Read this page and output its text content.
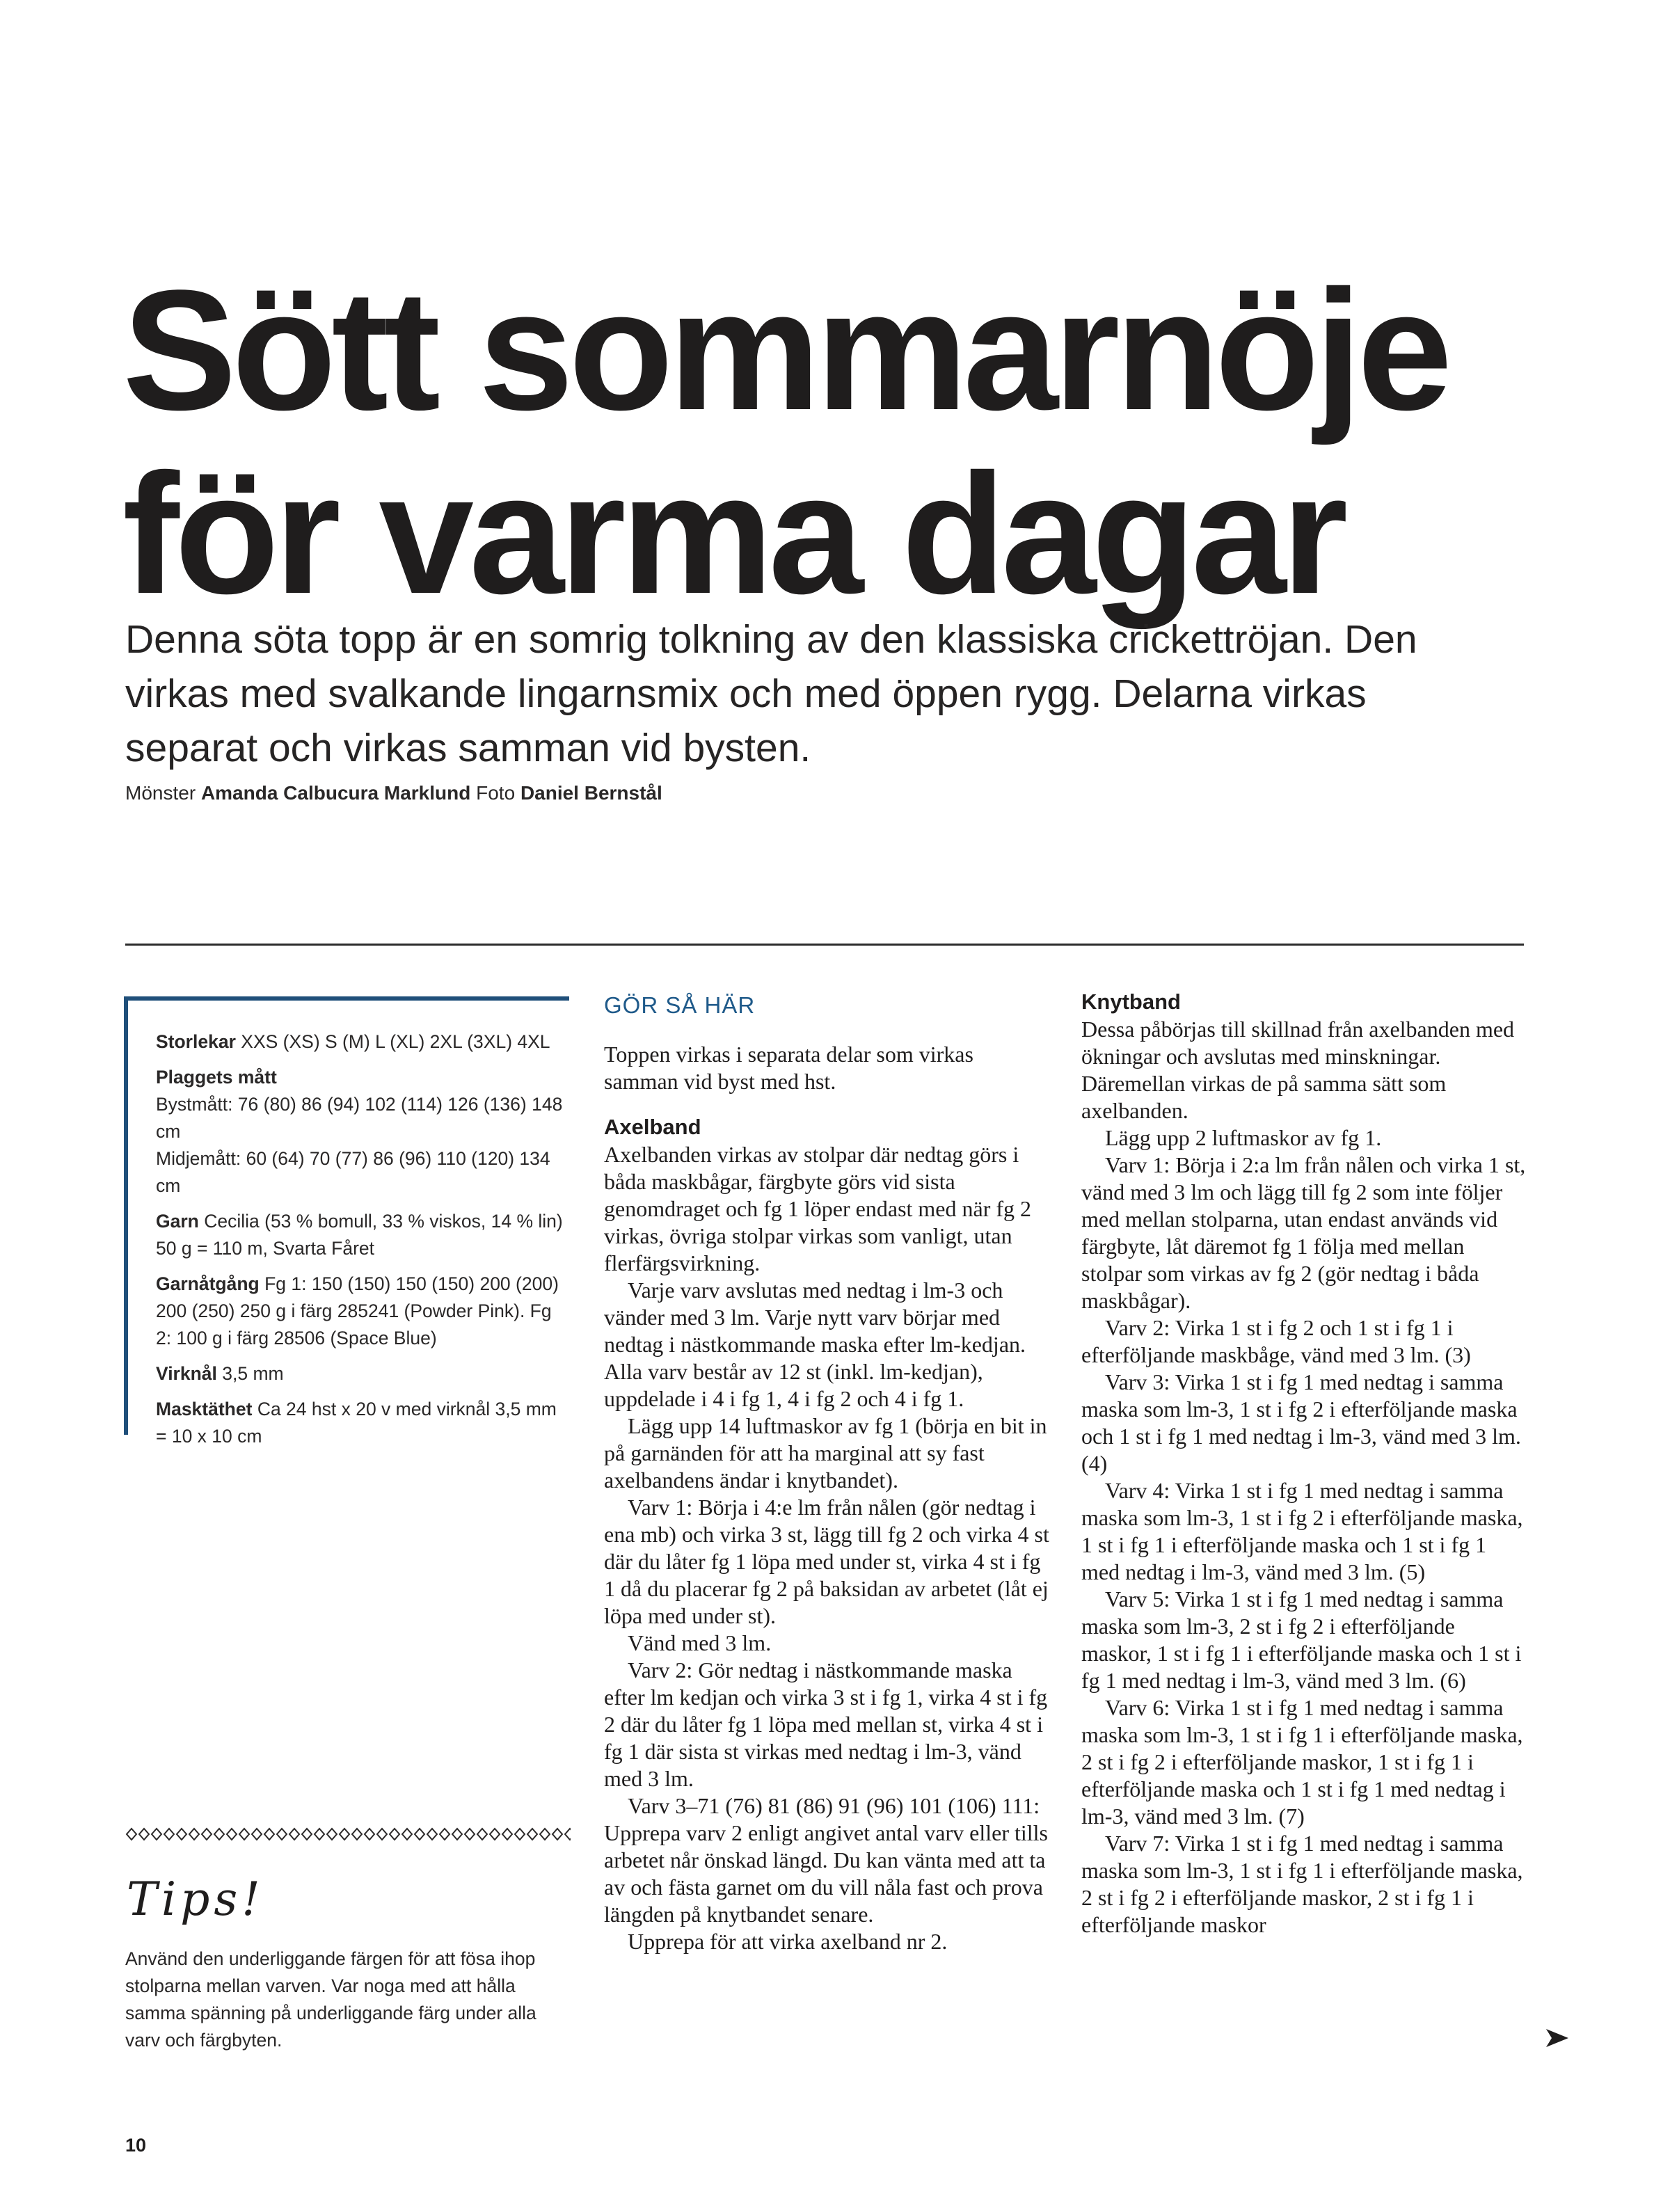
Sött sommarnöje
för varma dagar

Denna söta topp är en somrig tolkning av den klassiska crickettröjan. Den virkas med svalkande lingarnsmix och med öppen rygg. Delarna virkas separat och virkas samman vid bysten.

Mönster Amanda Calbucura Marklund Foto Daniel Bernstål

Storlekar XXS (XS) S (M) L (XL) 2XL (3XL) 4XL

Plaggets mått
Bystmått: 76 (80) 86 (94) 102 (114) 126 (136) 148 cm
Midjemått: 60 (64) 70 (77) 86 (96) 110 (120) 134 cm

Garn Cecilia (53 % bomull, 33 % viskos, 14 % lin) 50 g = 110 m, Svarta Fåret

Garnåtgång Fg 1: 150 (150) 150 (150) 200 (200) 200 (250) 250 g i färg 285241 (Powder Pink). Fg 2: 100 g i färg 28506 (Space Blue)

Virknål 3,5 mm

Masktäthet Ca 24 hst x 20 v med virknål 3,5 mm = 10 x 10 cm

GÖR SÅ HÄR

Toppen virkas i separata delar som virkas samman vid byst med hst.

Axelband

Axelbanden virkas av stolpar där nedtag görs i båda maskbågar, färgbyte görs vid sista genomdraget och fg 1 löper endast med när fg 2 virkas, övriga stolpar virkas som vanligt, utan flerfärgsvirkning.

Varje varv avslutas med nedtag i lm-3 och vänder med 3 lm. Varje nytt varv börjar med nedtag i nästkommande maska efter lm-kedjan. Alla varv består av 12 st (inkl. lm-kedjan), uppdelade i 4 i fg 1, 4 i fg 2 och 4 i fg 1.

Lägg upp 14 luftmaskor av fg 1 (börja en bit in på garnänden för att ha marginal att sy fast axelbandens ändar i knytbandet).

Varv 1: Börja i 4:e lm från nålen (gör nedtag i ena mb) och virka 3 st, lägg till fg 2 och virka 4 st där du låter fg 1 löpa med under st, virka 4 st i fg 1 då du placerar fg 2 på baksidan av arbetet (låt ej löpa med under st).

Vänd med 3 lm.

Varv 2: Gör nedtag i nästkommande maska efter lm kedjan och virka 3 st i fg 1, virka 4 st i fg 2 där du låter fg 1 löpa med mellan st, virka 4 st i fg 1 där sista st virkas med nedtag i lm-3, vänd med 3 lm.

Varv 3–71 (76) 81 (86) 91 (96) 101 (106) 111: Upprepa varv 2 enligt angivet antal varv eller tills arbetet når önskad längd. Du kan vänta med att ta av och fästa garnet om du vill nåla fast och prova längden på knytbandet senare.

Upprepa för att virka axelband nr 2.

Knytband

Dessa påbörjas till skillnad från axelbanden med ökningar och avslutas med minskningar. Däremellan virkas de på samma sätt som axelbanden.

Lägg upp 2 luftmaskor av fg 1.

Varv 1: Börja i 2:a lm från nålen och virka 1 st, vänd med 3 lm och lägg till fg 2 som inte följer med mellan stolparna, utan endast används vid färgbyte, låt däremot fg 1 följa med mellan stolpar som virkas av fg 2 (gör nedtag i båda maskbågar).

Varv 2: Virka 1 st i fg 2 och 1 st i fg 1 i efterföljande maskbåge, vänd med 3 lm. (3)

Varv 3: Virka 1 st i fg 1 med nedtag i samma maska som lm-3, 1 st i fg 2 i efterföljande maska och 1 st i fg 1 med nedtag i lm-3, vänd med 3 lm. (4)

Varv 4: Virka 1 st i fg 1 med nedtag i samma maska som lm-3, 1 st i fg 2 i efterföljande maska, 1 st i fg 1 i efterföljande maska och 1 st i fg 1 med nedtag i lm-3, vänd med 3 lm. (5)

Varv 5: Virka 1 st i fg 1 med nedtag i samma maska som lm-3, 2 st i fg 2 i efterföljande maskor, 1 st i fg 1 i efterföljande maska och 1 st i fg 1 med nedtag i lm-3, vänd med 3 lm. (6)

Varv 6: Virka 1 st i fg 1 med nedtag i samma maska som lm-3, 1 st i fg 1 i efterföljande maska, 2 st i fg 2 i efterföljande maskor, 1 st i fg 1 i efterföljande maska och 1 st i fg 1 med nedtag i lm-3, vänd med 3 lm. (7)

Varv 7: Virka 1 st i fg 1 med nedtag i samma maska som lm-3, 1 st i fg 1 i efterföljande maska, 2 st i fg 2 i efterföljande maskor, 2 st i fg 1 i efterföljande maskor

Tips!

Använd den underliggande färgen för att fösa ihop stolparna mellan varven. Var noga med att hålla samma spänning på underliggande färg under alla varv och färgbyten.

10
